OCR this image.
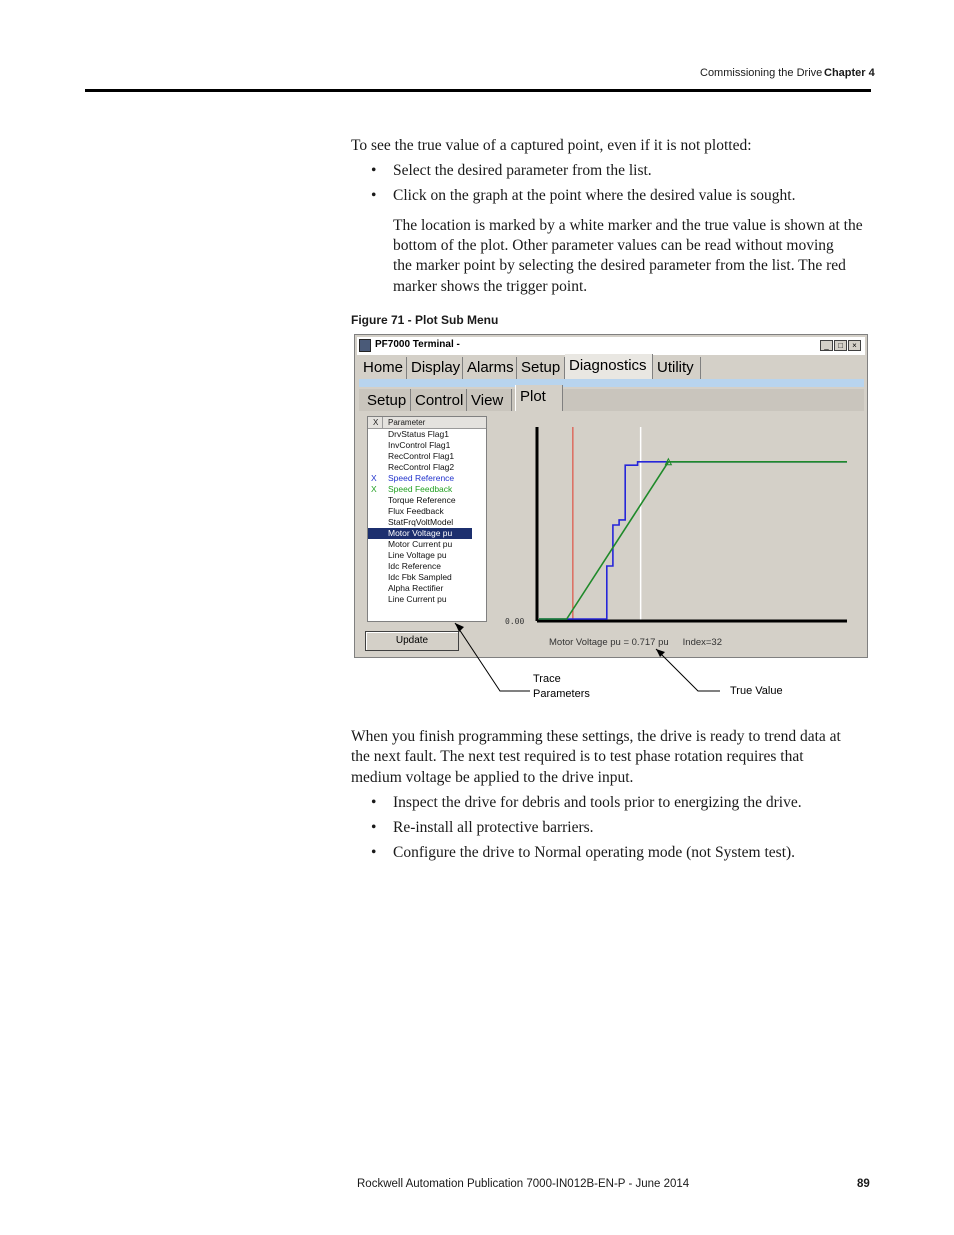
Commissioning the Drive Chapter 4

To see the true value of a captured point, even if it is not plotted:

• Select the desired parameter from the list.
• Click on the graph at the point where the desired value is sought.
The location is marked by a white marker and the true value is shown at the
bottom of the plot. Other parameter values can be read without moving
the marker point by selecting the desired parameter from the list. The red
marker shows the trigger point.
Figure 71 - Plot Sub Menu
PF7000 Terminal -	_	□	×
Home Display Alarms Setup Diagnostics Utility
Setup Control View	Plot
X Parameter
DrvStatus Flag1
InvControl Flag1
RecControl Flag1
RecControl Flag2
X Speed Reference
X Speed Feedback
Torque Reference
Flux Feedback
StatFrqVoltModel
Motor Voltage pu
Motor Current pu
Line Voltage pu
Idc Reference
Idc Fbk Sampled
Alpha Rectifier
Line Current pu
Update
0.00
Motor Voltage pu = 0.717 pu Index=32
Trace
Parameters	True Value
When you finish programming these settings, the drive is ready to trend data at
the next fault. The next test required is to test phase rotation requires that
medium voltage be applied to the drive input.
• Inspect the drive for debris and tools prior to energizing the drive.
• Re-install all protective barriers.
• Configure the drive to Normal operating mode (not System test).
Rockwell Automation Publication 7000-IN012B-EN-P - June 2014	89
